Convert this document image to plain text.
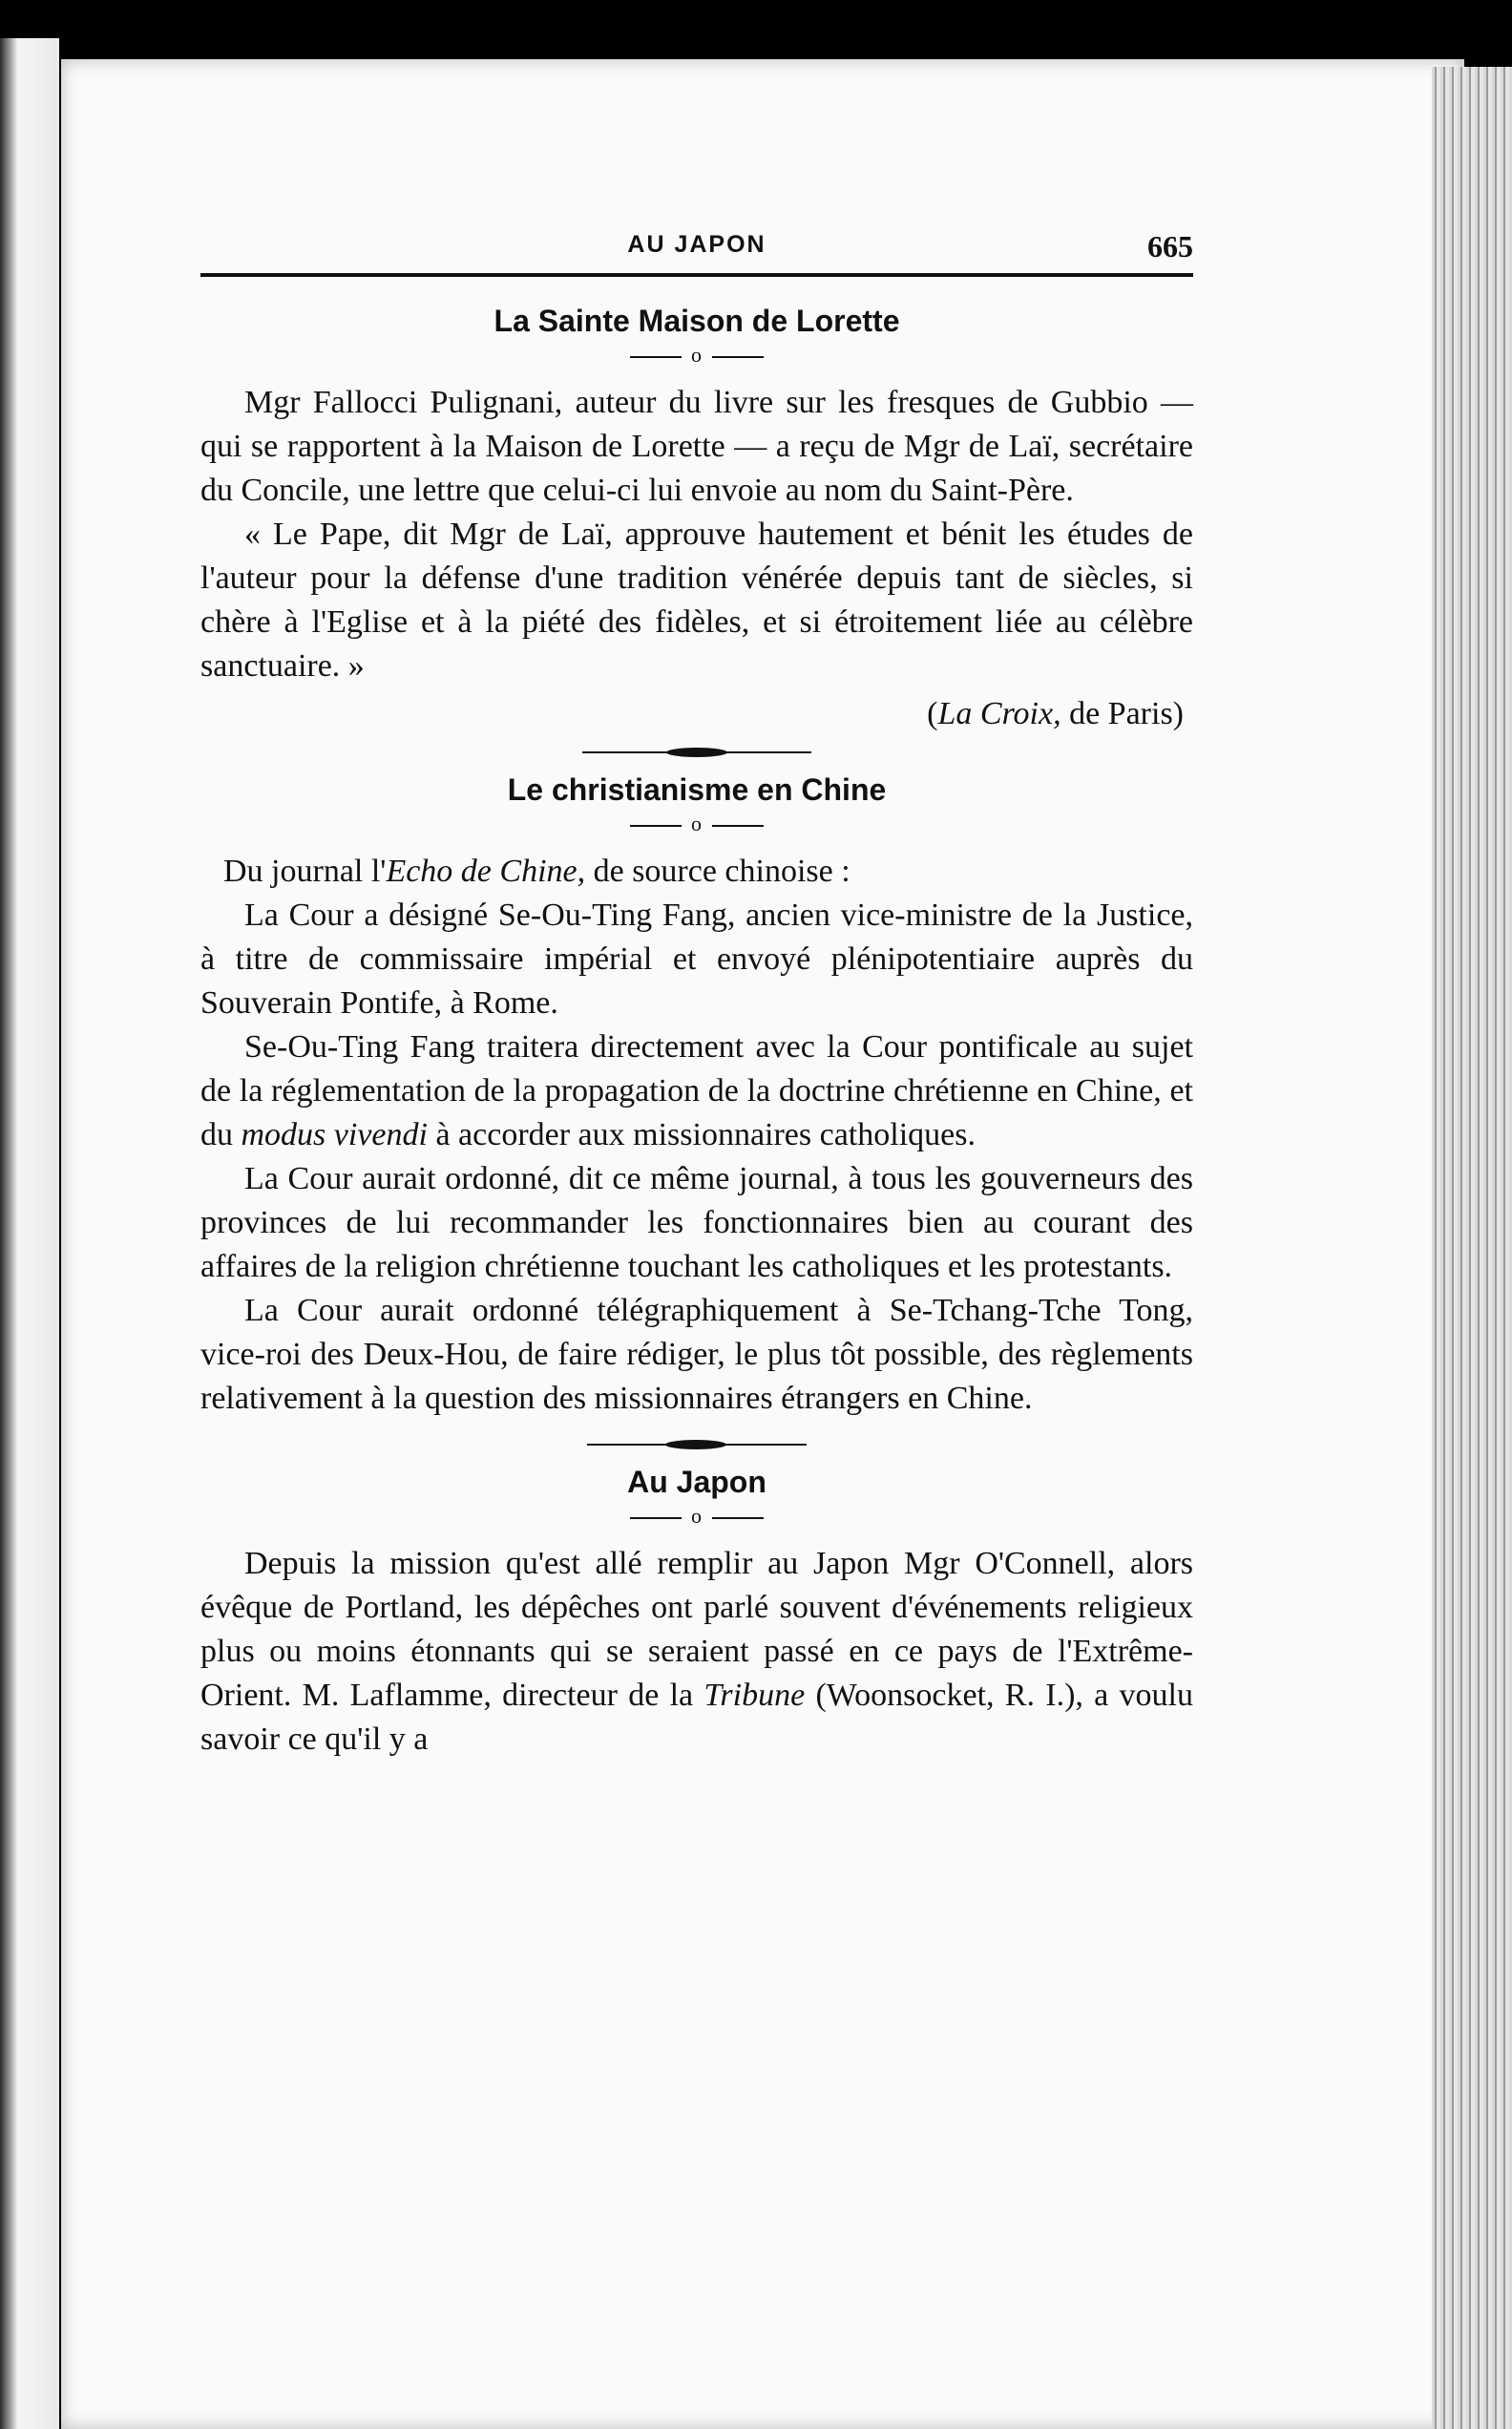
AU JAPON	665
La Sainte Maison de Lorette
o

Mgr Fallocci Pulignani, auteur du livre sur les fresques de Gubbio — qui se rapportent à la Maison de Lorette — a reçu de Mgr de Laï, secrétaire du Concile, une lettre que celui-ci lui envoie au nom du Saint-Père.

« Le Pape, dit Mgr de Laï, approuve hautement et bénit les études de l'auteur pour la défense d'une tradition vénérée depuis tant de siècles, si chère à l'Eglise et à la piété des fidèles, et si étroitement liée au célèbre sanctuaire. »

(La Croix, de Paris)
Le christianisme en Chine
o

Du journal l'Echo de Chine, de source chinoise :

La Cour a désigné Se-Ou-Ting Fang, ancien vice-ministre de la Justice, à titre de commissaire impérial et envoyé plénipotentiaire auprès du Souverain Pontife, à Rome.

Se-Ou-Ting Fang traitera directement avec la Cour pontificale au sujet de la réglementation de la propagation de la doctrine chrétienne en Chine, et du modus vivendi à accorder aux missionnaires catholiques.

La Cour aurait ordonné, dit ce même journal, à tous les gouverneurs des provinces de lui recommander les fonctionnaires bien au courant des affaires de la religion chrétienne touchant les catholiques et les protestants.

La Cour aurait ordonné télégraphiquement à Se-Tchang-Tche Tong, vice-roi des Deux-Hou, de faire rédiger, le plus tôt possible, des règlements relativement à la question des missionnaires étrangers en Chine.

Au Japon
o

Depuis la mission qu'est allé remplir au Japon Mgr O'Connell, alors évêque de Portland, les dépêches ont parlé souvent d'événements religieux plus ou moins étonnants qui se seraient passé en ce pays de l'Extrême-Orient. M. Laflamme, directeur de la Tribune (Woonsocket, R. I.), a voulu savoir ce qu'il y a
